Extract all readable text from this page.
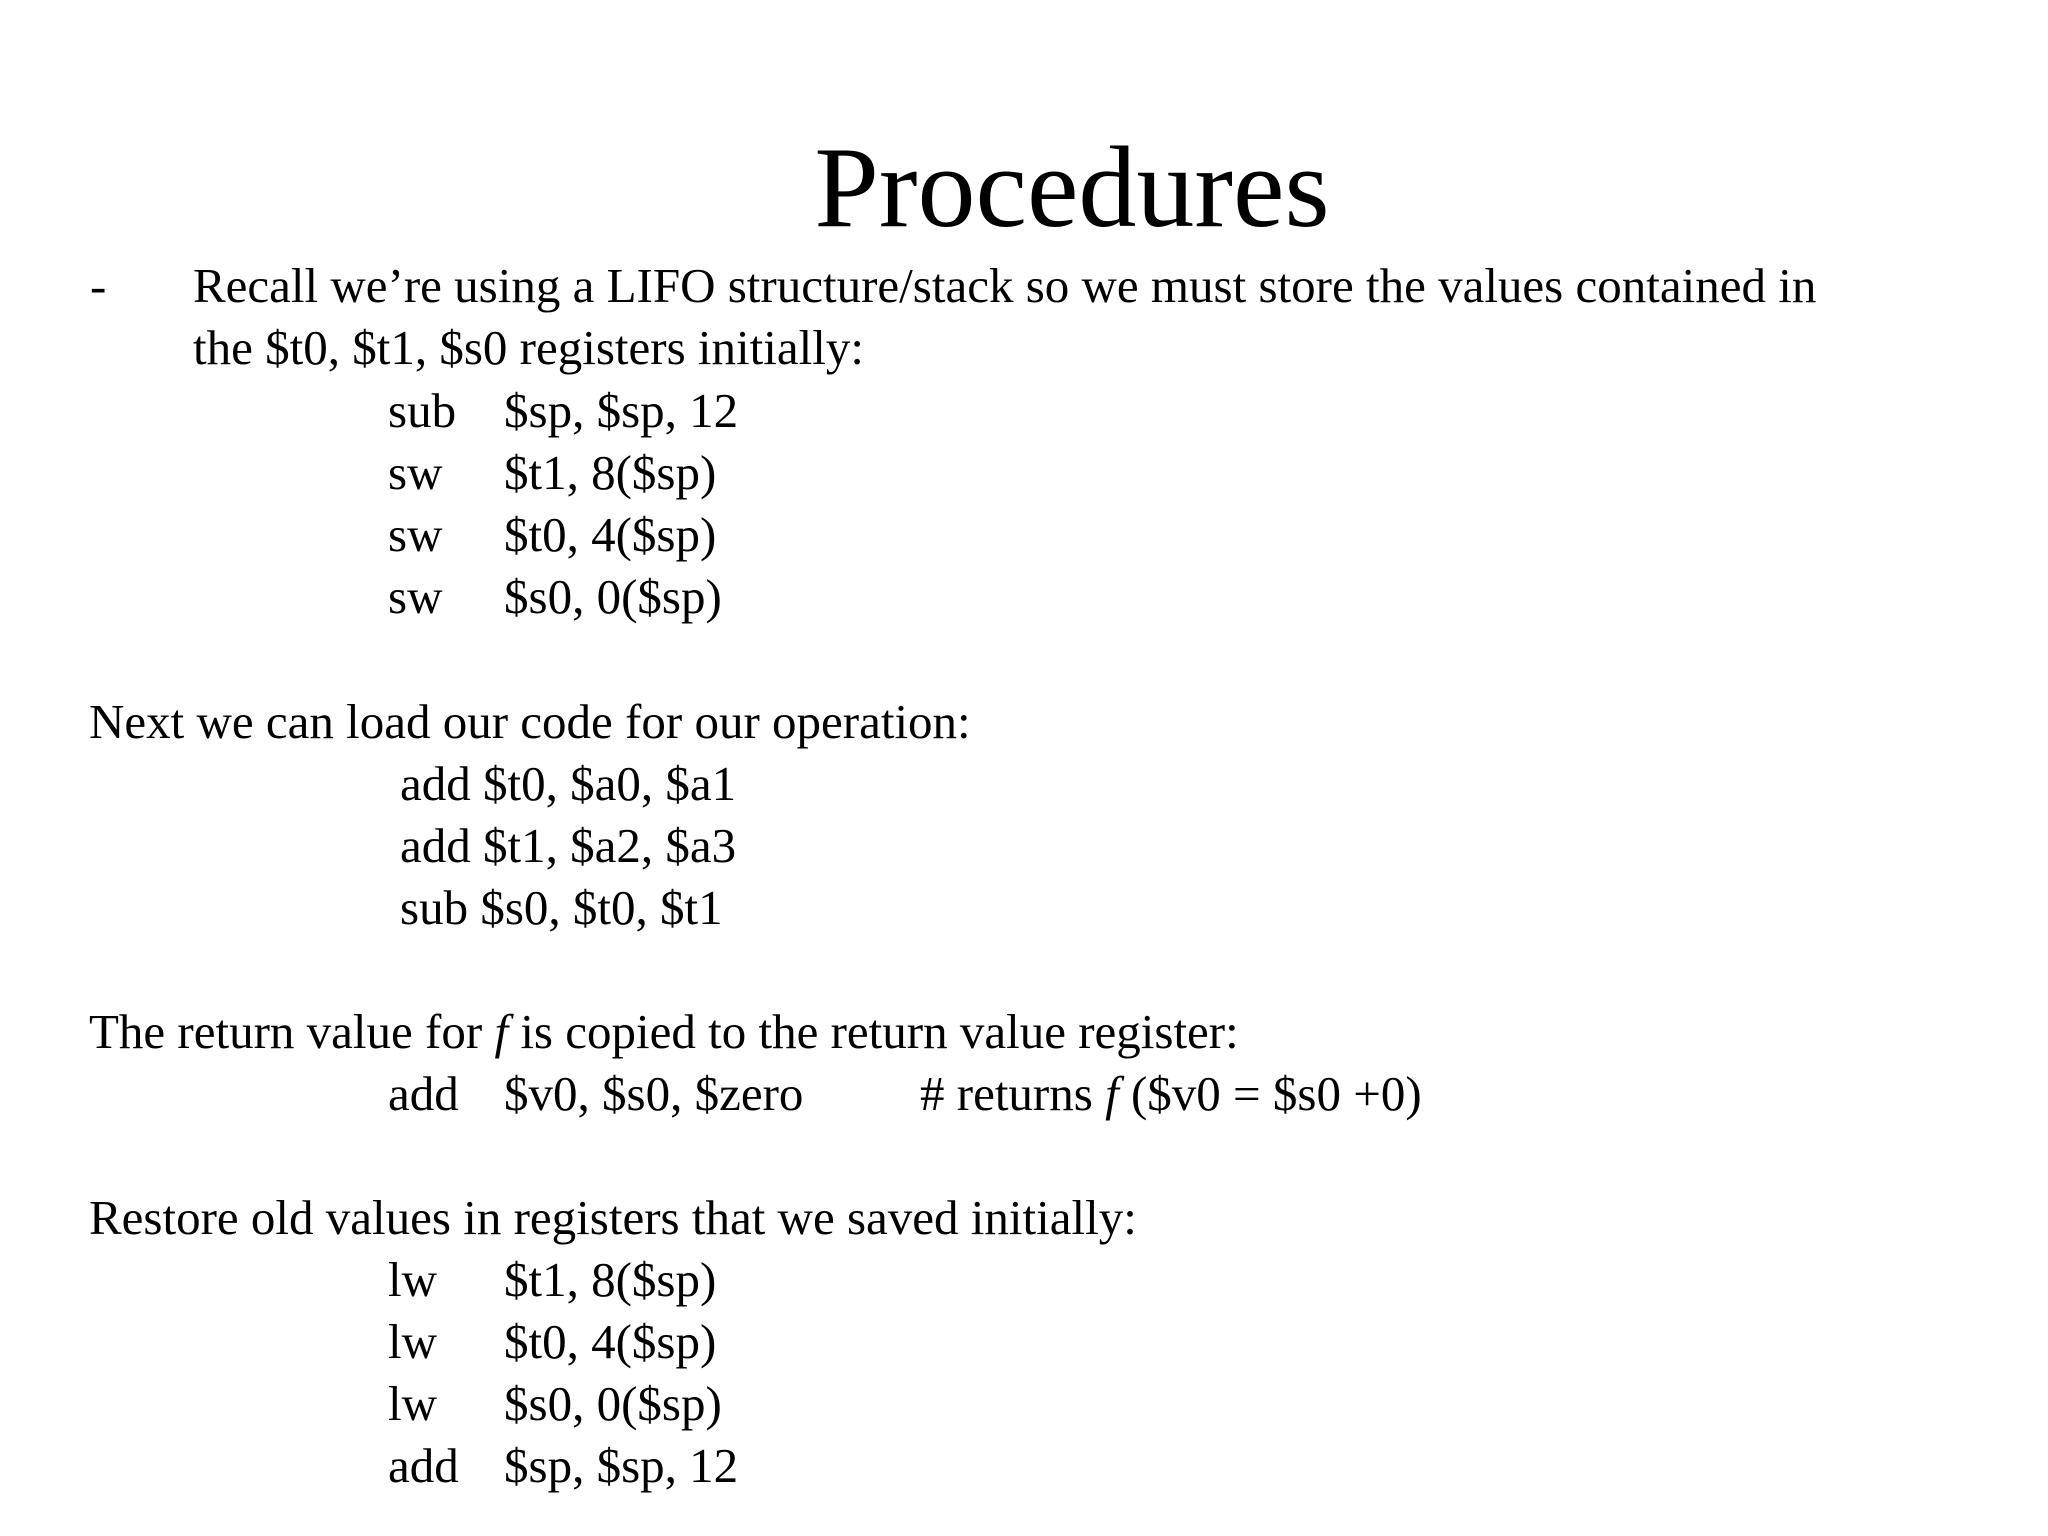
Procedures
- Recall we’re using a LIFO structure/stack so we must store the values contained in
the $t0, $t1, $s0 registers initially:
sub $sp, $sp, 12
sw $t1, 8($sp)
sw $t0, 4($sp)
sw $s0, 0($sp)
Next we can load our code for our operation:
add $t0, $a0, $a1
add $t1, $a2, $a3
sub $s0, $t0, $t1
The return value for f is copied to the return value register:
add $v0, $s0, $zero # returns f ($v0 = $s0 +0)
Restore old values in registers that we saved initially:
lw $t1, 8($sp)
lw $t0, 4($sp)
lw $s0, 0($sp)
add $sp, $sp, 12
